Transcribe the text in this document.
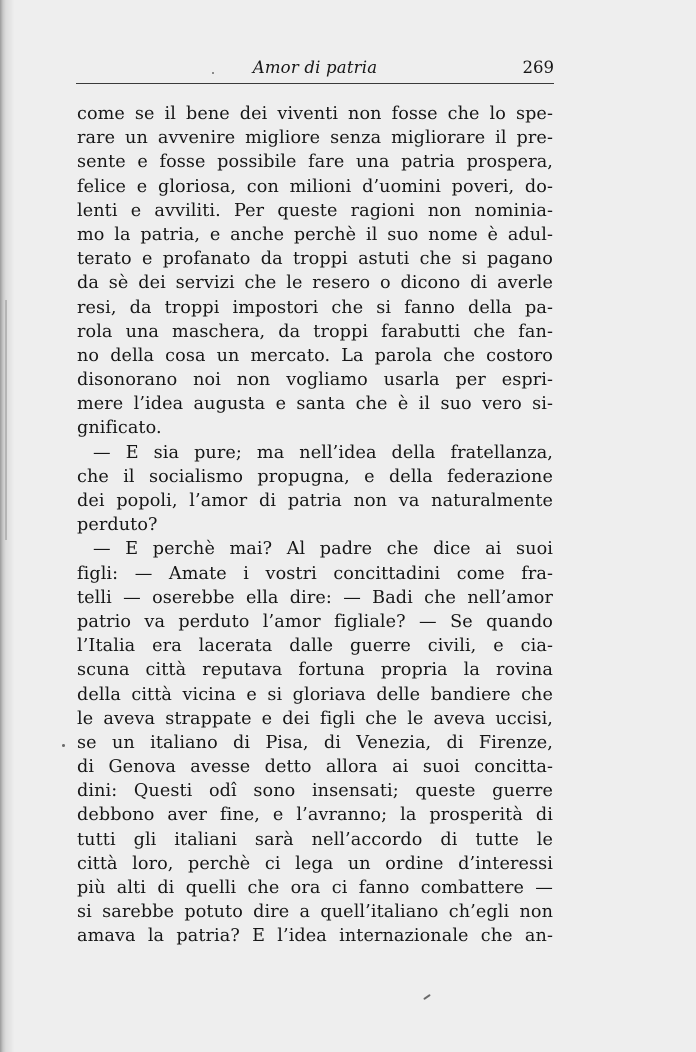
Amor di patria	269
come se il bene dei viventi non fosse che lo spe-
rare un avvenire migliore senza migliorare il pre-
sente e fosse possibile fare una patria prospera,
felice e gloriosa, con milioni d’uomini poveri, do-
lenti e avviliti. Per queste ragioni non nominia-
mo la patria, e anche perchè il suo nome è adul-
terato e profanato da troppi astuti che si pagano
da sè dei servizi che le resero o dicono di averle
resi, da troppi impostori che si fanno della pa-
rola una maschera, da troppi farabutti che fan-
no della cosa un mercato. La parola che costoro
disonorano noi non vogliamo usarla per espri-
mere l’idea augusta e santa che è il suo vero si-
gnificato.
— E sia pure; ma nell’idea della fratellanza,
che il socialismo propugna, e della federazione
dei popoli, l’amor di patria non va naturalmente
perduto?
— E perchè mai? Al padre che dice ai suoi
figli: — Amate i vostri concittadini come fra-
telli — oserebbe ella dire: — Badi che nell’amor
patrio va perduto l’amor figliale? — Se quando
l’Italia era lacerata dalle guerre civili, e cia-
scuna città reputava fortuna propria la rovina
della città vicina e si gloriava delle bandiere che
le aveva strappate e dei figli che le aveva uccisi,
se un italiano di Pisa, di Venezia, di Firenze,
di Genova avesse detto allora ai suoi concitta-
dini: Questi odî sono insensati; queste guerre
debbono aver fine, e l’avranno; la prosperità di
tutti gli italiani sarà nell’accordo di tutte le
città loro, perchè ci lega un ordine d’interessi
più alti di quelli che ora ci fanno combattere —
si sarebbe potuto dire a quell’italiano ch’egli non
amava la patria? E l’idea internazionale che an-
